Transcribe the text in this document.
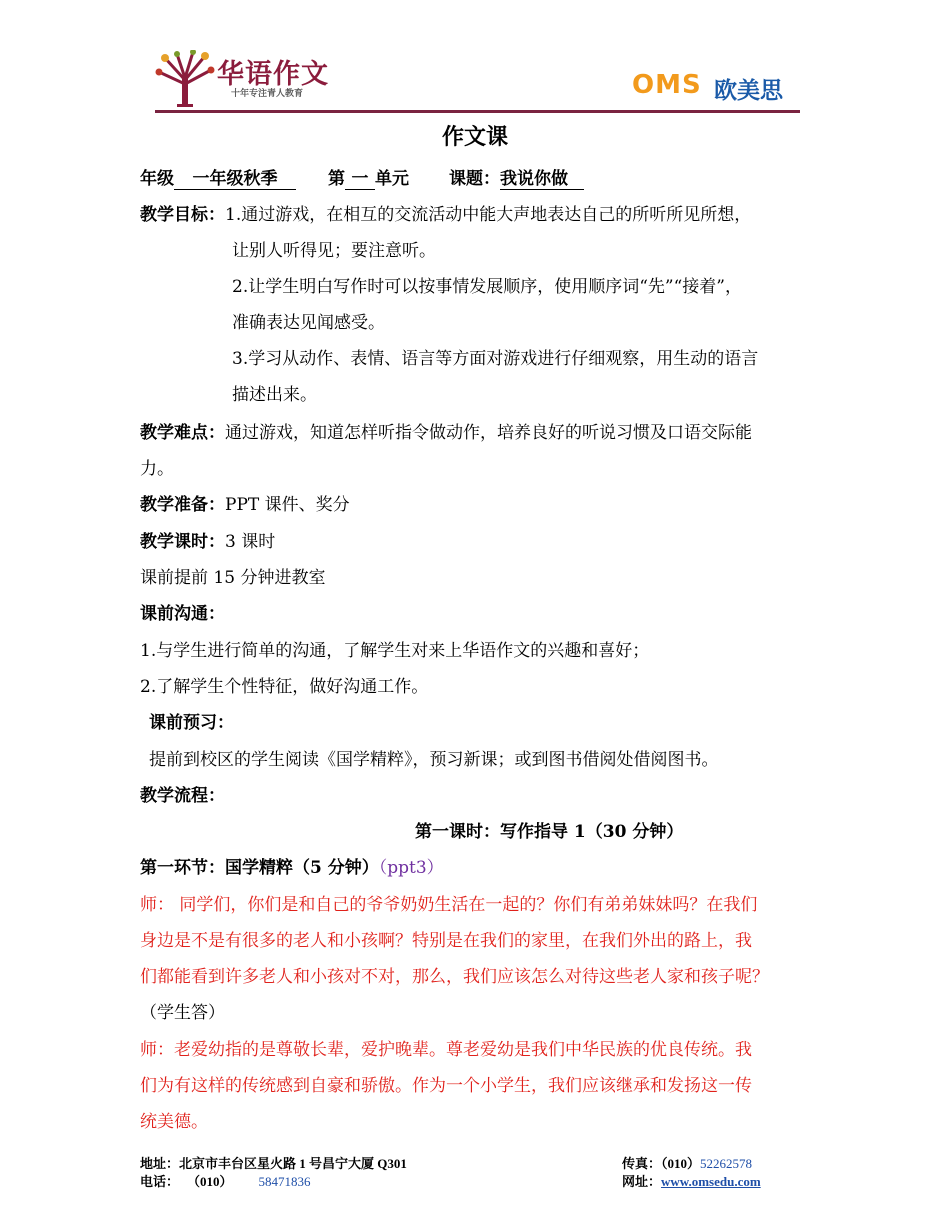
华语作文
十年专注青人教育	OMS 欧美思
作文课
年级 一年级秋季	第 一 单元 课题：我说你做
教学目标：1.通过游戏，在相互的交流活动中能大声地表达自己的所听所见所想，
让别人听得见；要注意听。
2.让学生明白写作时可以按事情发展顺序，使用顺序词“先”“接着”，
准确表达见闻感受。
3.学习从动作、表情、语言等方面对游戏进行仔细观察，用生动的语言
描述出来。
教学难点：通过游戏，知道怎样听指令做动作，培养良好的听说习惯及口语交际能
力。
教学准备：PPT 课件、奖分
教学课时：3 课时
课前提前 15 分钟进教室
课前沟通：
1.与学生进行简单的沟通，了解学生对来上华语作文的兴趣和喜好；
2.了解学生个性特征，做好沟通工作。
课前预习：
提前到校区的学生阅读《国学精粹》，预习新课；或到图书借阅处借阅图书。
教学流程：
第一课时：写作指导 1（30 分钟）
第一环节：国学精粹（5 分钟）（ppt3）
师： 同学们，你们是和自己的爷爷奶奶生活在一起的？你们有弟弟妹妹吗？在我们
身边是不是有很多的老人和小孩啊？特别是在我们的家里，在我们外出的路上，我
们都能看到许多老人和小孩对不对，那么，我们应该怎么对待这些老人家和孩子呢？
（学生答）
师：老爱幼指的是尊敬长辈，爱护晚辈。尊老爱幼是我们中华民族的优良传统。我
们为有这样的传统感到自豪和骄傲。作为一个小学生，我们应该继承和发扬这一传
统美德。
地址：北京市丰台区星火路 1 号昌宁大厦 Q301
电话： （010） 58471836
传真：（010）52262578
网址：www.omsedu.com
